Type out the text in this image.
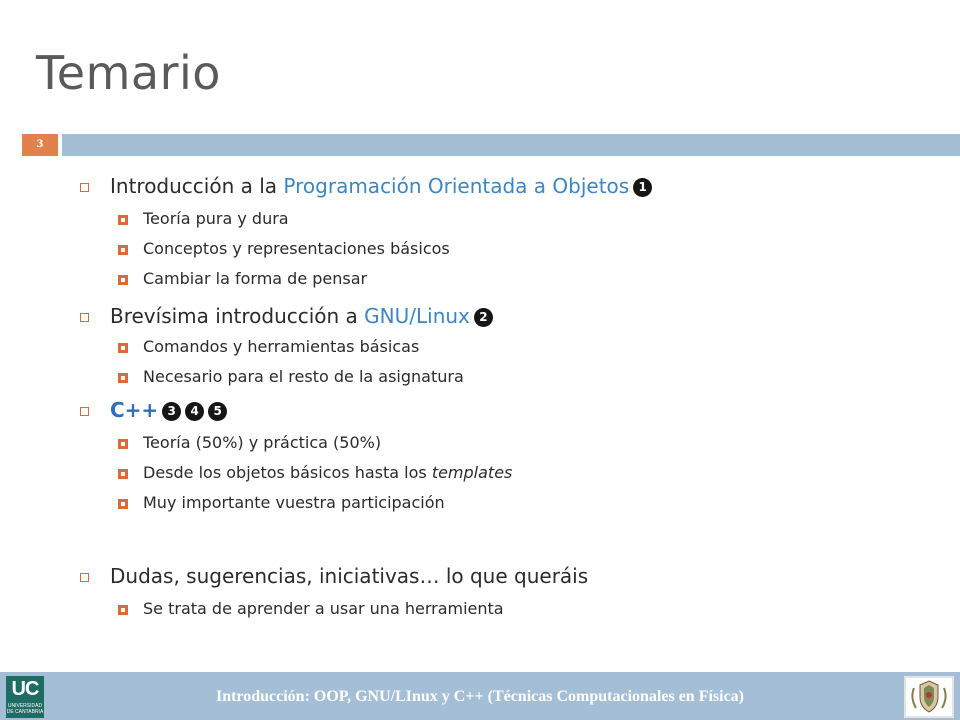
Temario
3
Introducción a la Programación Orientada a Objetos 1
Teoría pura y dura
Conceptos y representaciones básicos
Cambiar la forma de pensar
Brevísima introducción a GNU/Linux 2
Comandos y herramientas básicas
Necesario para el resto de la asignatura
C++ 3 4 5
Teoría (50%) y práctica (50%)
Desde los objetos básicos hasta los templates
Muy importante vuestra participación
Dudas, sugerencias, iniciativas… lo que queráis
Se trata de aprender a usar una herramienta
Introducción: OOP, GNU/LInux y C++ (Técnicas Computacionales en Física)
UC
UNIVERSIDAD DE CANTABRIA
